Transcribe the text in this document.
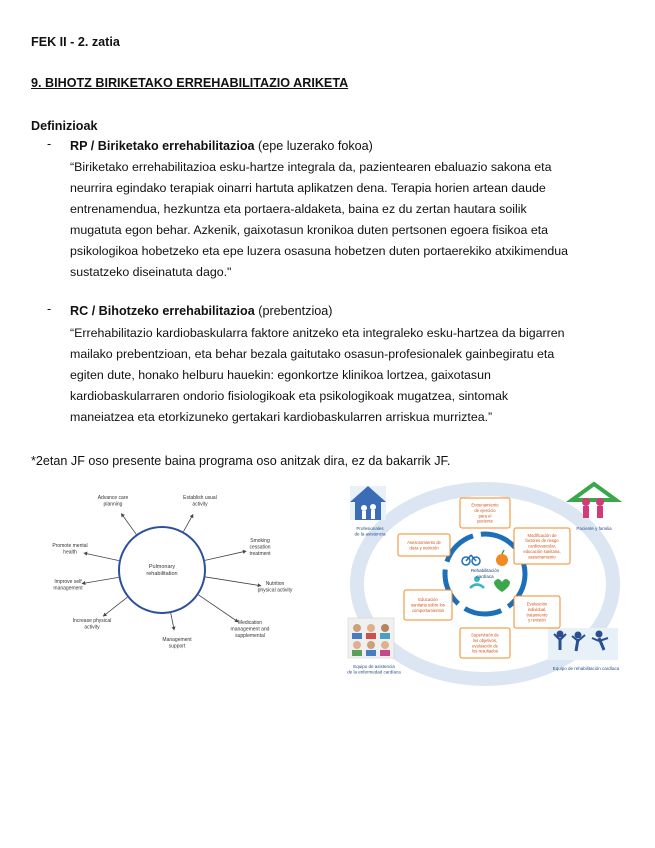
FEK II - 2. zatia
9. BIHOTZ BIRIKETAKO ERREHABILITAZIO ARIKETA
Definizioak
- RP / Biriketako errehabilitazioa (epe luzerako fokoa)
“Biriketako errehabilitazioa esku-hartze integrala da, pazientearen ebaluazio sakona eta
neurrira egindako terapiak oinarri hartuta aplikatzen dena. Terapia horien artean daude
entrenamendua, hezkuntza eta portaera-aldaketa, baina ez du zertan hautara soilik
mugatuta egon behar. Azkenik, gaixotasun kronikoa duten pertsonen egoera fisikoa eta
psikologikoa hobetzeko eta epe luzera osasuna hobetzen duten portaerekiko atxikimendua
sustatzeko diseinatuta dago."
- RC / Bihotzeko errehabilitazioa (prebentzioa)
“Errehabilitazio kardiobaskularra faktore anitzeko eta integraleko esku-hartzea da bigarren
mailako prebentzioan, eta behar bezala gaitutako osasun-profesionalek gainbegiratu eta
egiten dute, honako helburu hauekin: egonkortze klinikoa lortzea, gaixotasun
kardiobaskularraren ondorio fisiologikoak eta psikologikoak mugatzea, sintomak
maneiatzea eta etorkizuneko gertakari kardiobaskularren arriskua murriztea.”
*2etan JF oso presente baina programa oso anitzak dira, ez da bakarrik JF.
Pulmonary rehabilitation
Advance care planning
Establish usual activity
Smoking cessation treatment
Nutrition physical activity
Medication management and supplemental
Management support
Increase physical activity
Improve self management
Promote mental health
Profesionales de la asistencia
Paciente y familia
Equipo de asistencia de la enfermedad cardíaca
Equipo de rehabilitación cardíaca
Rehabilitación cardíaca
Entrenamiento de ejercicio para el paciente
Modificación de factores de riesgo cardiovascular, educación sanitaria, asesoramiento
Evaluación individual, tratamiento y revisión
Supervisión de los objetivos, evaluación de los resultados
Educación sanitaria sobre los comportamientos
Asesoramiento de dieta y nutrición
